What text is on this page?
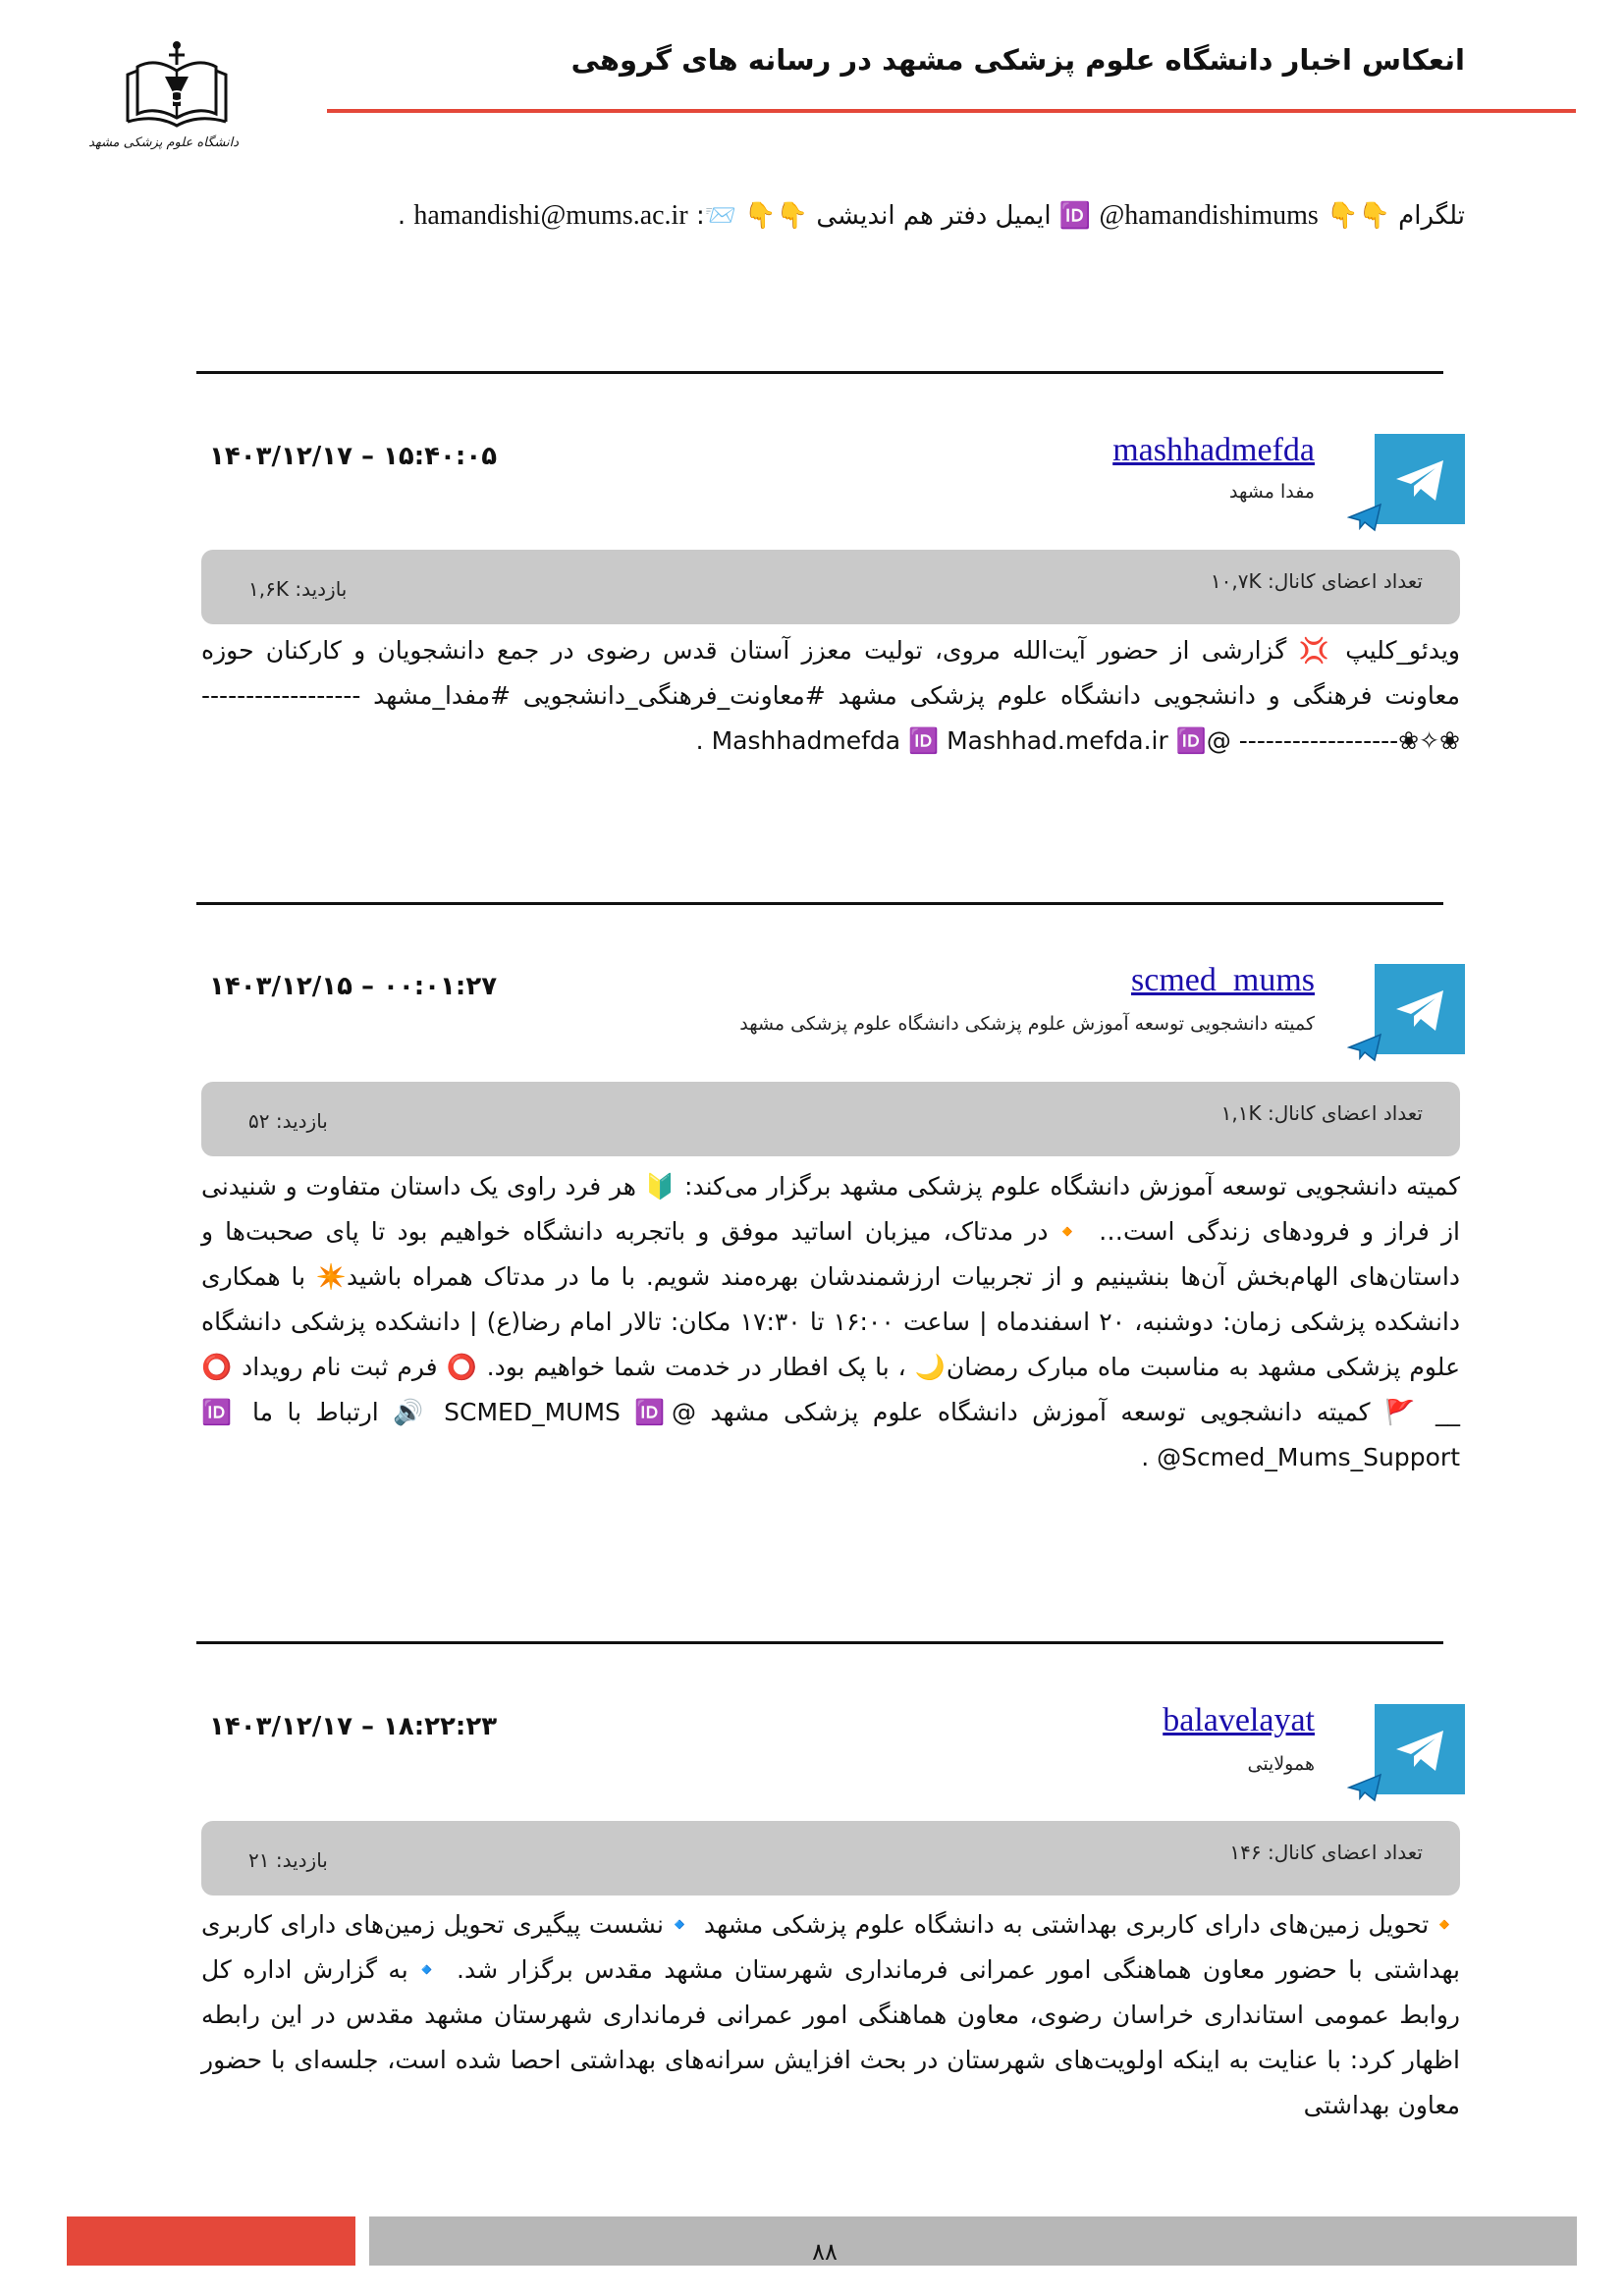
دانشگاه علوم پزشکی مشهد
انعکاس اخبار دانشگاه علوم پزشکی مشهد در رسانه های گروهی
تلگرام 👇👇 @hamandishimums 🆔 ایمیل دفتر هم اندیشی 👇👇 📨: hamandishi@mums.ac.ir .
mashhadmefda
مفدا مشهد
۱۴۰۳/۱۲/۱۷ – ۱۵:۴۰:۰۵
تعداد اعضای کانال: ۱۰,۷K
بازدید: ۱,۶K
ویدئو_کلیپ 💢 گزارشی از حضور آیت‌الله مروی، تولیت معزز آستان قدس رضوی در جمع دانشجویان و کارکنان حوزه معاونت فرهنگی و دانشجویی دانشگاه علوم پزشکی مشهد #معاونت_فرهنگی_دانشجویی #مفدا_مشهد ------------------ ❀✧❀------------------ @Mashhadmefda 🆔 Mashhad.mefda.ir 🆔 .
scmed_mums
کمیته دانشجویی توسعه آموزش علوم پزشکی دانشگاه علوم پزشکی مشهد
۱۴۰۳/۱۲/۱۵ – ۰۰:۰۱:۲۷
تعداد اعضای کانال: ۱,۱K
بازدید: ۵۲
کمیته دانشجویی توسعه آموزش دانشگاه علوم پزشکی مشهد برگزار می‌کند: 🔰 هر فرد راوی یک داستان متفاوت و شنیدنی از فراز و فرودهای زندگی است… 🔸در مدتاک، میزبان اساتید موفق و باتجربه دانشگاه خواهیم بود تا پای صحبت‌ها و داستان‌های الهام‌بخش آن‌ها بنشینیم و از تجربیات ارزشمندشان بهره‌مند شویم. با ما در مدتاک همراه باشید✴️ با همکاری دانشکده پزشکی زمان: دوشنبه، ۲۰ اسفندماه | ساعت ۱۶:۰۰ تا ۱۷:۳۰ مکان: تالار امام رضا(ع) | دانشکده پزشکی دانشگاه علوم پزشکی مشهد به مناسبت ماه مبارک رمضان🌙 ، با پک افطار در خدمت شما خواهیم بود. ⭕ فرم ثبت نام رویداد ⭕ __ 🚩 کمیته دانشجویی توسعه آموزش دانشگاه علوم پزشکی مشهد @SCMED_MUMS 🆔 🔊 ارتباط با ما 🆔 @Scmed_Mums_Support .
balavelayat
همولایتی
۱۴۰۳/۱۲/۱۷ – ۱۸:۲۲:۲۳
تعداد اعضای کانال: ۱۴۶
بازدید: ۲۱
🔸تحویل زمین‌های دارای کاربری بهداشتی به دانشگاه علوم پزشکی مشهد 🔹نشست پیگیری تحویل زمین‌های دارای کاربری بهداشتی با حضور معاون هماهنگی امور عمرانی فرمانداری شهرستان مشهد مقدس برگزار شد. 🔹به گزارش اداره کل روابط عمومی استانداری خراسان رضوی، معاون هماهنگی امور عمرانی فرمانداری شهرستان مشهد مقدس در این رابطه اظهار کرد: با عنایت به اینکه اولویت‌های شهرستان در بحث افزایش سرانه‌های بهداشتی احصا شده است، جلسه‌ای با حضور معاون بهداشتی
۸۸
